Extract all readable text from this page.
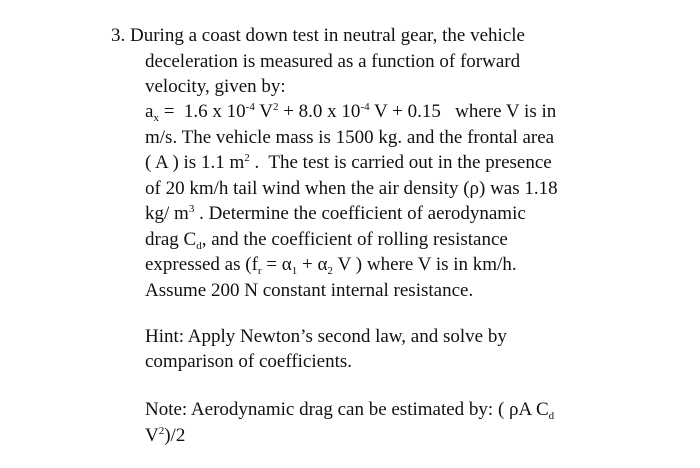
3. During a coast down test in neutral gear, the vehicle
deceleration is measured as a function of forward
velocity, given by:
$a_x = 1.6$ x $10^{-4}$ $V^2 + 8.0$ x $10^{-4}$ V + 0.15   where V is in
m/s. The vehicle mass is 1500 kg. and the frontal area
( A ) is 1.1 $m^2$ .  The test is carried out in the presence
of 20 km/h tail wind when the air density (ρ) was 1.18
kg/ $m^3$ . Determine the coefficient of aerodynamic
drag $C_d$, and the coefficient of rolling resistance
expressed as ($f_r = \alpha_1 + \alpha_2$ V ) where V is in km/h.
Assume 200 N constant internal resistance.
Hint: Apply Newton’s second law, and solve by
comparison of coefficients.
Note: Aerodynamic drag can be estimated by: ( ρA $C_d$
$V^2)/2$
